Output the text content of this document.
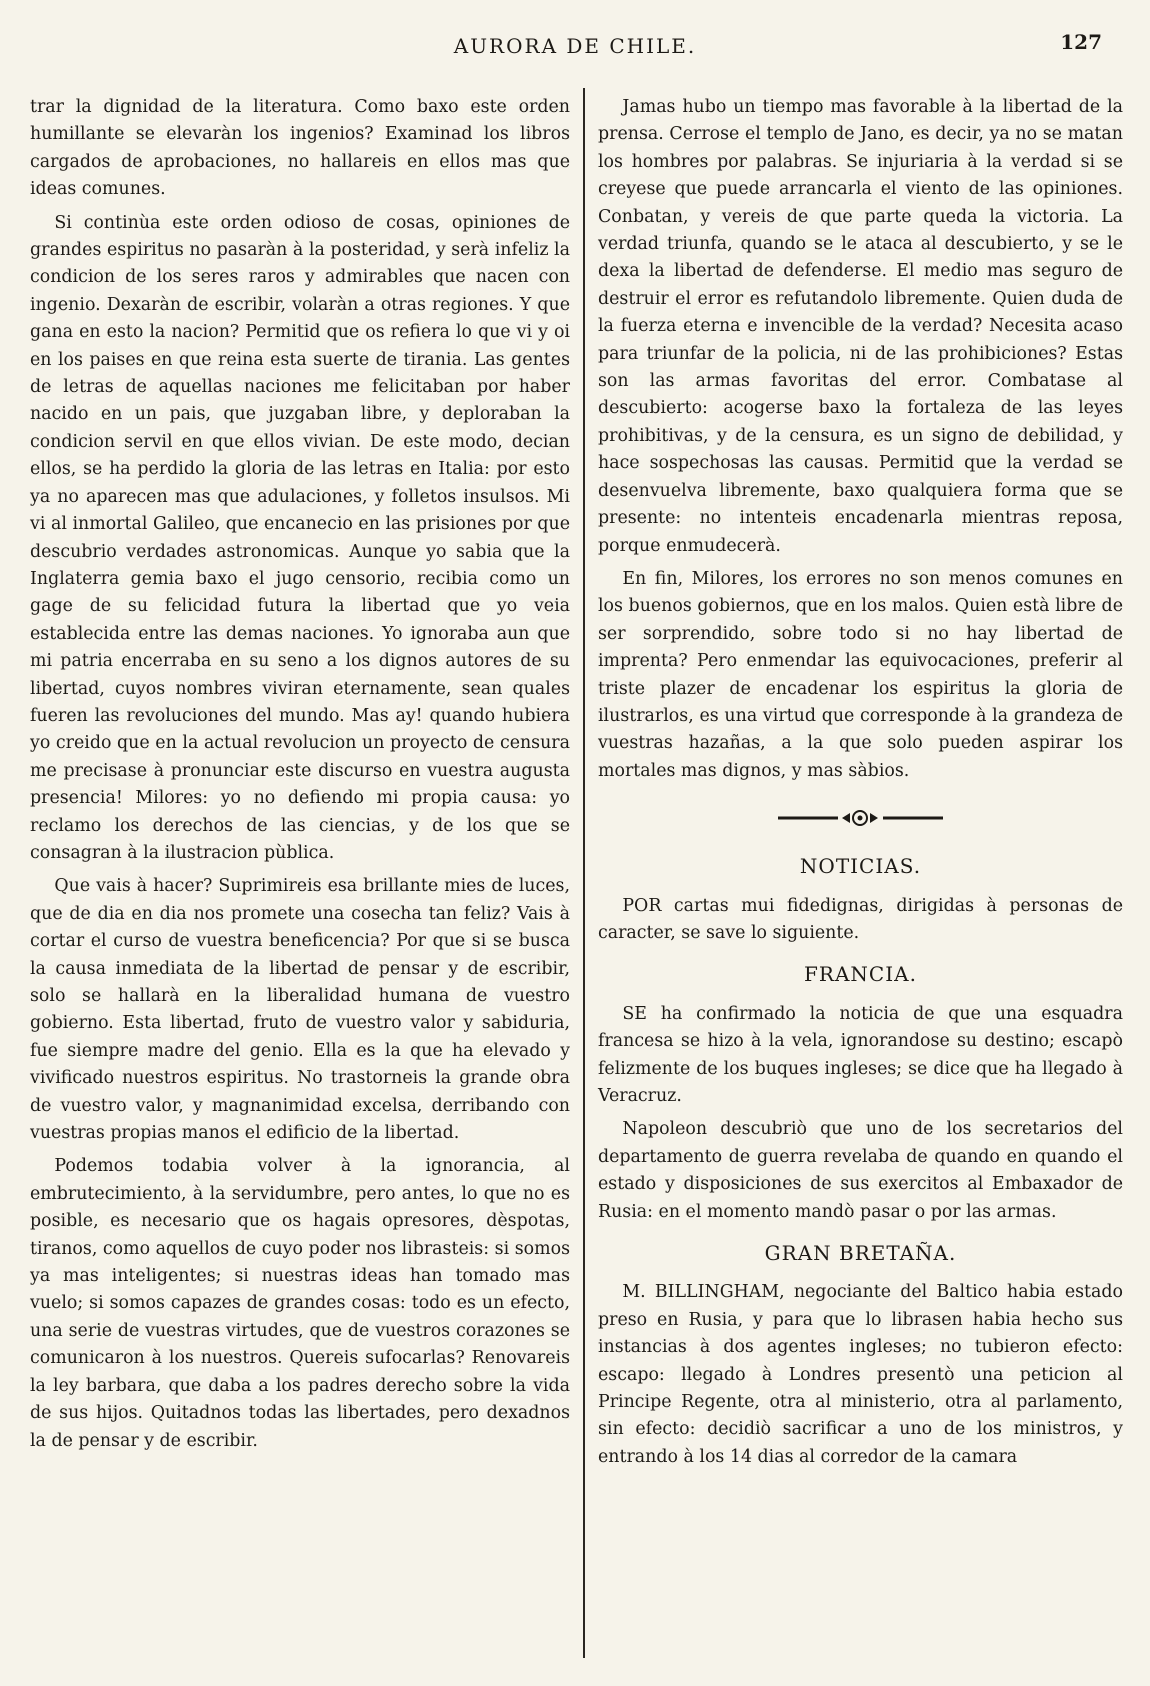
AURORA DE CHILE.	127

trar la dignidad de la literatura. Como baxo este orden humillante se elevaràn los ingenios? Examinad los libros cargados de aprobaciones, no hallareis en ellos mas que ideas comunes.

Si continùa este orden odioso de cosas, opiniones de grandes espiritus no pasaràn à la posteridad, y serà infeliz la condicion de los seres raros y admirables que nacen con ingenio. Dexaràn de escribir, volaràn a otras regiones. Y que gana en esto la nacion? Permitid que os refiera lo que vi y oi en los paises en que reina esta suerte de tirania. Las gentes de letras de aquellas naciones me felicitaban por haber nacido en un pais, que juzgaban libre, y deploraban la condicion servil en que ellos vivian. De este modo, decian ellos, se ha perdido la gloria de las letras en Italia: por esto ya no aparecen mas que adulaciones, y folletos insulsos. Mi vi al inmortal Galileo, que encanecio en las prisiones por que descubrio verdades astronomicas. Aunque yo sabia que la Inglaterra gemia baxo el jugo censorio, recibia como un gage de su felicidad futura la libertad que yo veia establecida entre las demas naciones. Yo ignoraba aun que mi patria encerraba en su seno a los dignos autores de su libertad, cuyos nombres viviran eternamente, sean quales fueren las revoluciones del mundo. Mas ay! quando hubiera yo creido que en la actual revolucion un proyecto de censura me precisase à pronunciar este discurso en vuestra augusta presencia! Milores: yo no defiendo mi propia causa: yo reclamo los derechos de las ciencias, y de los que se consagran à la ilustracion pùblica.

Que vais à hacer? Suprimireis esa brillante mies de luces, que de dia en dia nos promete una cosecha tan feliz? Vais à cortar el curso de vuestra beneficencia? Por que si se busca la causa inmediata de la libertad de pensar y de escribir, solo se hallarà en la liberalidad humana de vuestro gobierno. Esta libertad, fruto de vuestro valor y sabiduria, fue siempre madre del genio. Ella es la que ha elevado y vivificado nuestros espiritus. No trastorneis la grande obra de vuestro valor, y magnanimidad excelsa, derribando con vuestras propias manos el edificio de la libertad.

Podemos todabia volver à la ignorancia, al embrutecimiento, à la servidumbre, pero antes, lo que no es posible, es necesario que os hagais opresores, dèspotas, tiranos, como aquellos de cuyo poder nos librasteis: si somos ya mas inteligentes; si nuestras ideas han tomado mas vuelo; si somos capazes de grandes cosas: todo es un efecto, una serie de vuestras virtudes, que de vuestros corazones se comunicaron à los nuestros. Quereis sufocarlas? Renovareis la ley barbara, que daba a los padres derecho sobre la vida de sus hijos. Quitadnos todas las libertades, pero dexadnos la de pensar y de escribir.

Jamas hubo un tiempo mas favorable à la libertad de la prensa. Cerrose el templo de Jano, es decir, ya no se matan los hombres por palabras. Se injuriaria à la verdad si se creyese que puede arrancarla el viento de las opiniones. Conbatan, y vereis de que parte queda la victoria. La verdad triunfa, quando se le ataca al descubierto, y se le dexa la libertad de defenderse. El medio mas seguro de destruir el error es refutandolo libremente. Quien duda de la fuerza eterna e invencible de la verdad? Necesita acaso para triunfar de la policia, ni de las prohibiciones? Estas son las armas favoritas del error. Combatase al descubierto: acogerse baxo la fortaleza de las leyes prohibitivas, y de la censura, es un signo de debilidad, y hace sospechosas las causas. Permitid que la verdad se desenvuelva libremente, baxo qualquiera forma que se presente: no intenteis encadenarla mientras reposa, porque enmudecerà.

En fin, Milores, los errores no son menos comunes en los buenos gobiernos, que en los malos. Quien està libre de ser sorprendido, sobre todo si no hay libertad de imprenta? Pero enmendar las equivocaciones, preferir al triste plazer de encadenar los espiritus la gloria de ilustrarlos, es una virtud que corresponde à la grandeza de vuestras hazañas, a la que solo pueden aspirar los mortales mas dignos, y mas sàbios.

NOTICIAS.

POR cartas mui fidedignas, dirigidas à personas de caracter, se save lo siguiente.

FRANCIA.

SE ha confirmado la noticia de que una esquadra francesa se hizo à la vela, ignorandose su destino; escapò felizmente de los buques ingleses; se dice que ha llegado à Veracruz.

Napoleon descubriò que uno de los secretarios del departamento de guerra revelaba de quando en quando el estado y disposiciones de sus exercitos al Embaxador de Rusia: en el momento mandò pasar o por las armas.

GRAN BRETAÑA.

M. BILLINGHAM, negociante del Baltico habia estado preso en Rusia, y para que lo librasen habia hecho sus instancias à dos agentes ingleses; no tubieron efecto: escapo: llegado à Londres presentò una peticion al Principe Regente, otra al ministerio, otra al parlamento, sin efecto: decidiò sacrificar a uno de los ministros, y entrando à los 14 dias al corredor de la camara
